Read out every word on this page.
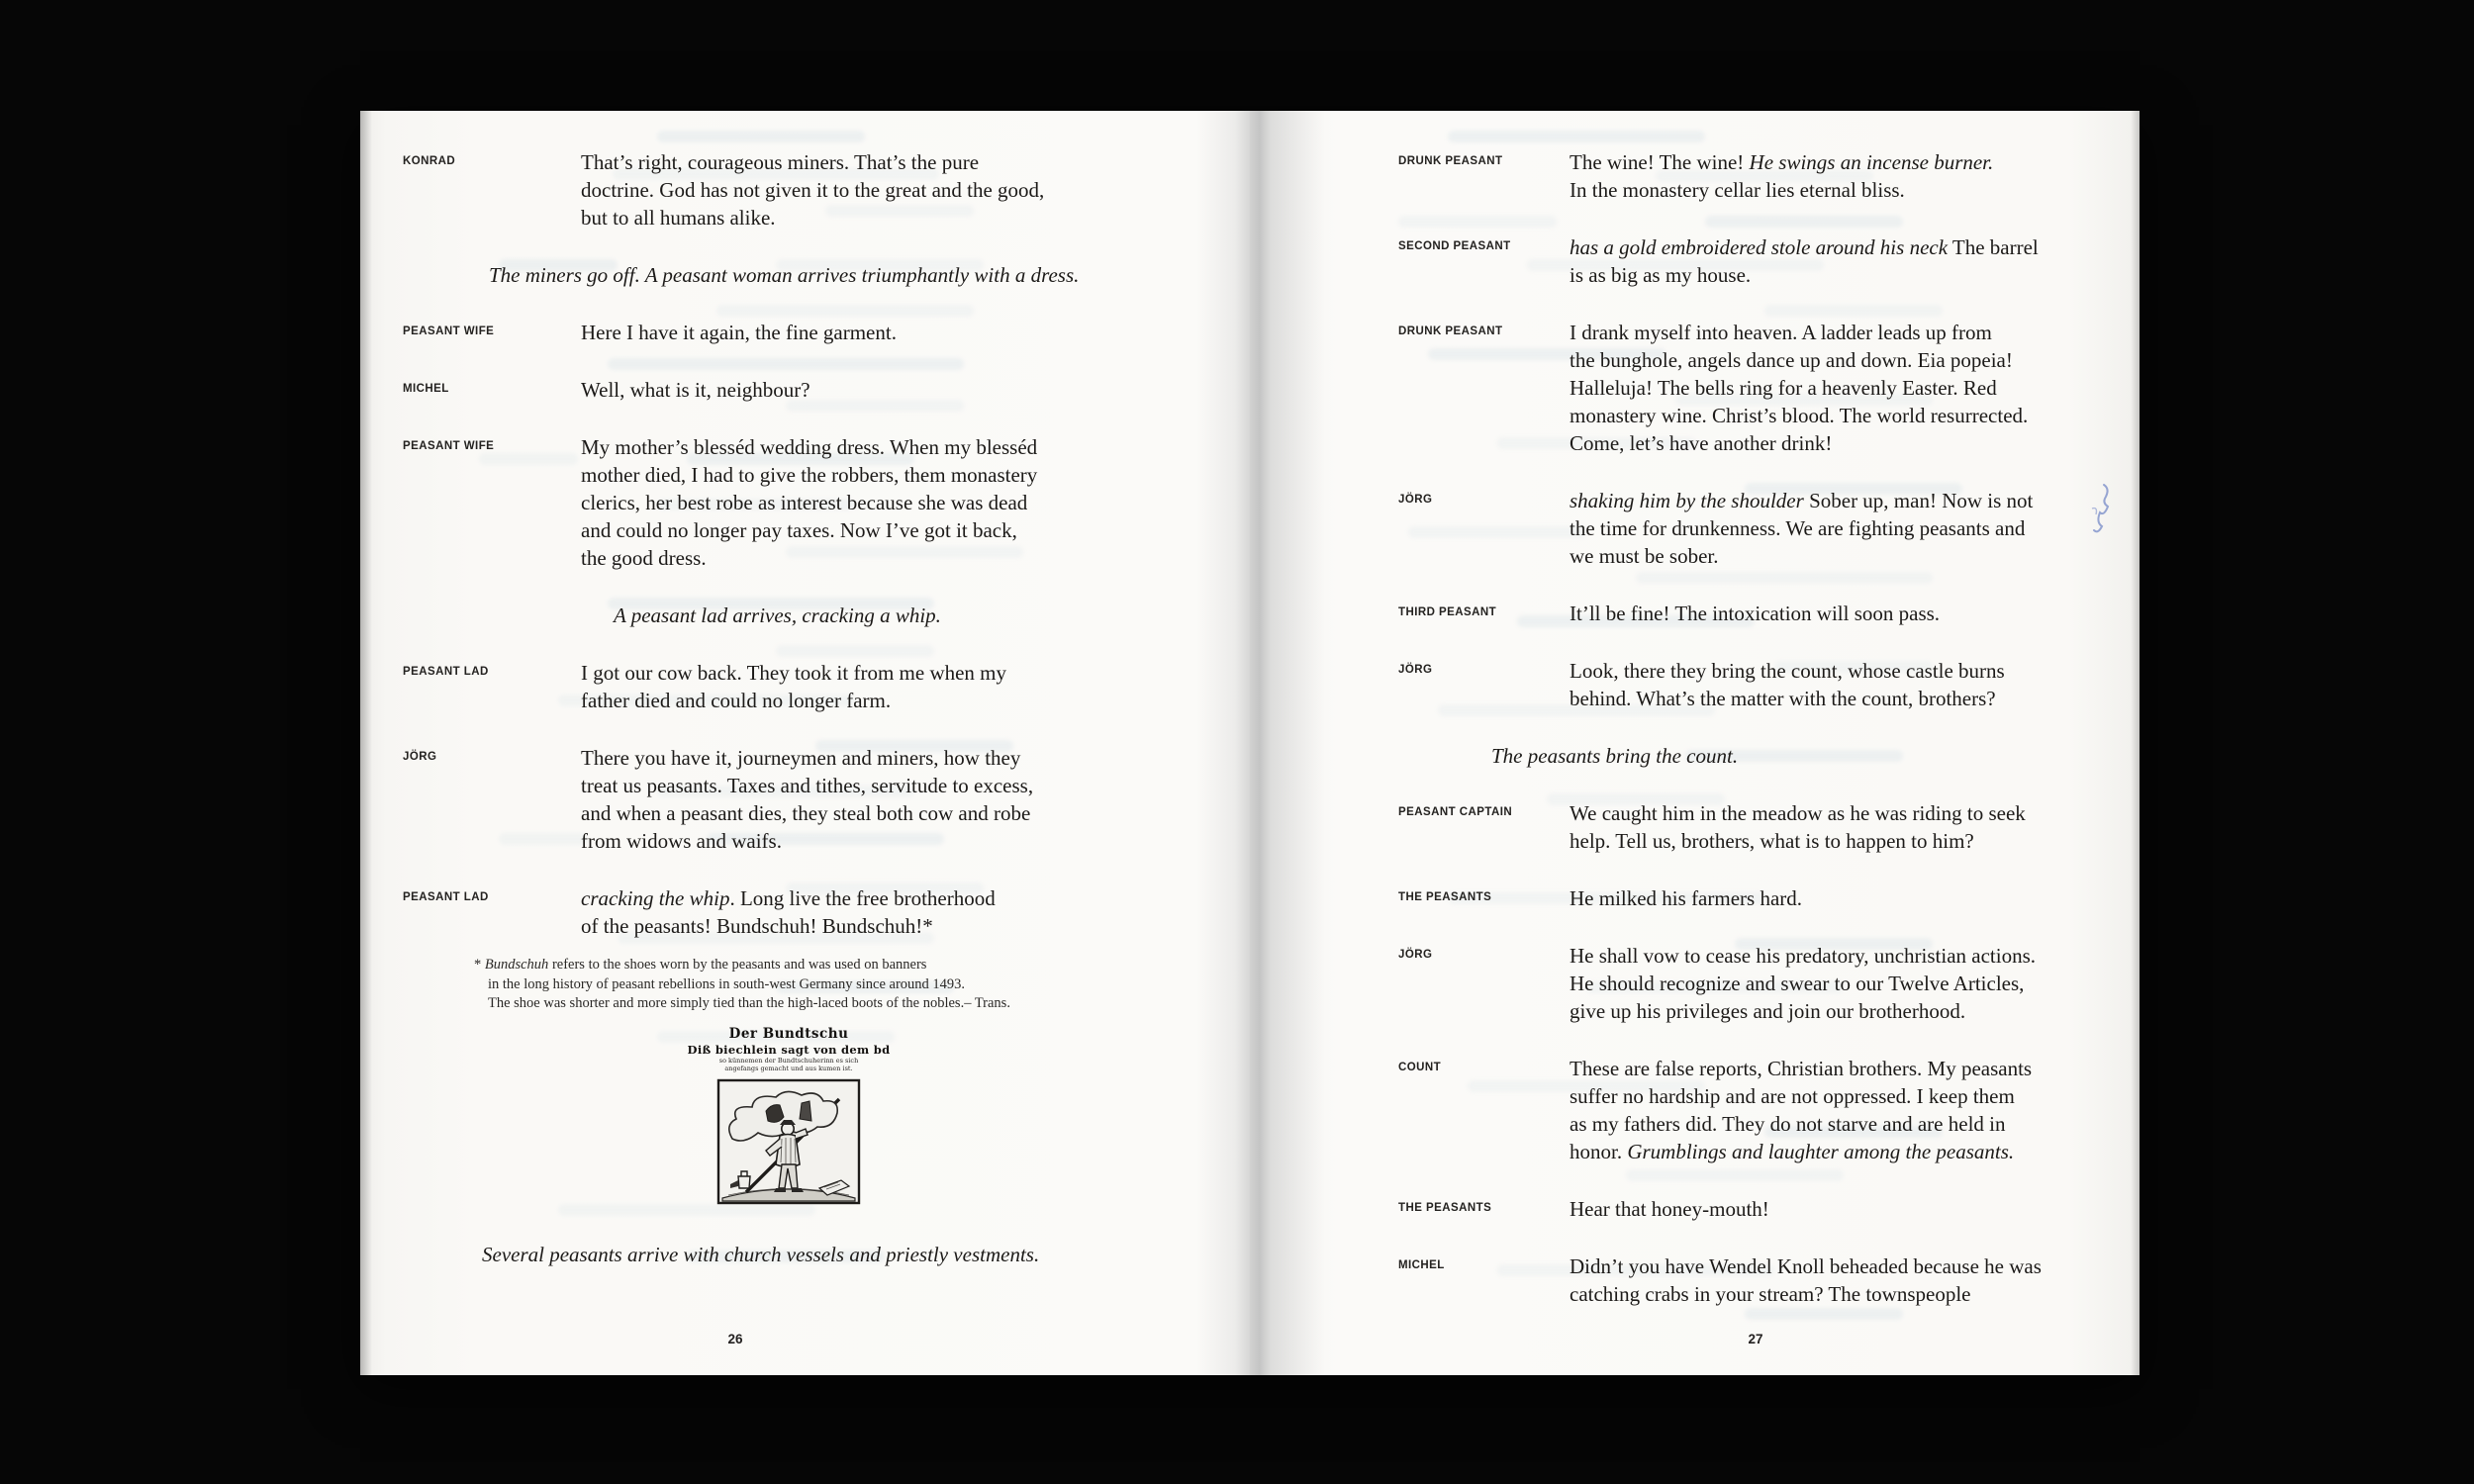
KONRAD	That’s right, courageous miners. That’s the pure
doctrine. God has not given it to the great and the good,
but to all humans alike.
The miners go off. A peasant woman arrives triumphantly with a dress.
PEASANT WIFE	Here I have it again, the fine garment.
MICHEL	Well, what is it, neighbour?
PEASANT WIFE	My mother’s blesséd wedding dress. When my blesséd
mother died, I had to give the robbers, them monastery
clerics, her best robe as interest because she was dead
and could no longer pay taxes. Now I’ve got it back,
the good dress.
A peasant lad arrives, cracking a whip.
PEASANT LAD	I got our cow back. They took it from me when my
father died and could no longer farm.
JÖRG	There you have it, journeymen and miners, how they
treat us peasants. Taxes and tithes, servitude to excess,
and when a peasant dies, they steal both cow and robe
from widows and waifs.
PEASANT LAD	cracking the whip. Long live the free brotherhood
of the peasants! Bundschuh! Bundschuh!*
* Bundschuh refers to the shoes worn by the peasants and was used on banners
in the long history of peasant rebellions in south-west Germany since around 1493.
The shoe was shorter and more simply tied than the high-laced boots of the nobles.– Trans.
Der Bundtschu
Diß biechlein sagt von dem bd
so künnemen der Bundtschuherinn es sich
angefangs gemacht und aus kumen ist.
Several peasants arrive with church vessels and priestly vestments.
DRUNK PEASANT	The wine! The wine! He swings an incense burner.
In the monastery cellar lies eternal bliss.
SECOND PEASANT	has a gold embroidered stole around his neck The barrel
is as big as my house.
DRUNK PEASANT	I drank myself into heaven. A ladder leads up from
the bunghole, angels dance up and down. Eia popeia!
Halleluja! The bells ring for a heavenly Easter. Red
monastery wine. Christ’s blood. The world resurrected.
Come, let’s have another drink!
JÖRG	shaking him by the shoulder Sober up, man! Now is not
the time for drunkenness. We are fighting peasants and
we must be sober.
THIRD PEASANT	It’ll be fine! The intoxication will soon pass.
JÖRG	Look, there they bring the count, whose castle burns
behind. What’s the matter with the count, brothers?
The peasants bring the count.
PEASANT CAPTAIN	We caught him in the meadow as he was riding to seek
help. Tell us, brothers, what is to happen to him?
THE PEASANTS	He milked his farmers hard.
JÖRG	He shall vow to cease his predatory, unchristian actions.
He should recognize and swear to our Twelve Articles,
give up his privileges and join our brotherhood.
COUNT	These are false reports, Christian brothers. My peasants
suffer no hardship and are not oppressed. I keep them
as my fathers did. They do not starve and are held in
honor. Grumblings and laughter among the peasants.
THE PEASANTS	Hear that honey-mouth!
MICHEL	Didn’t you have Wendel Knoll beheaded because he was
catching crabs in your stream? The townspeople
26	27
